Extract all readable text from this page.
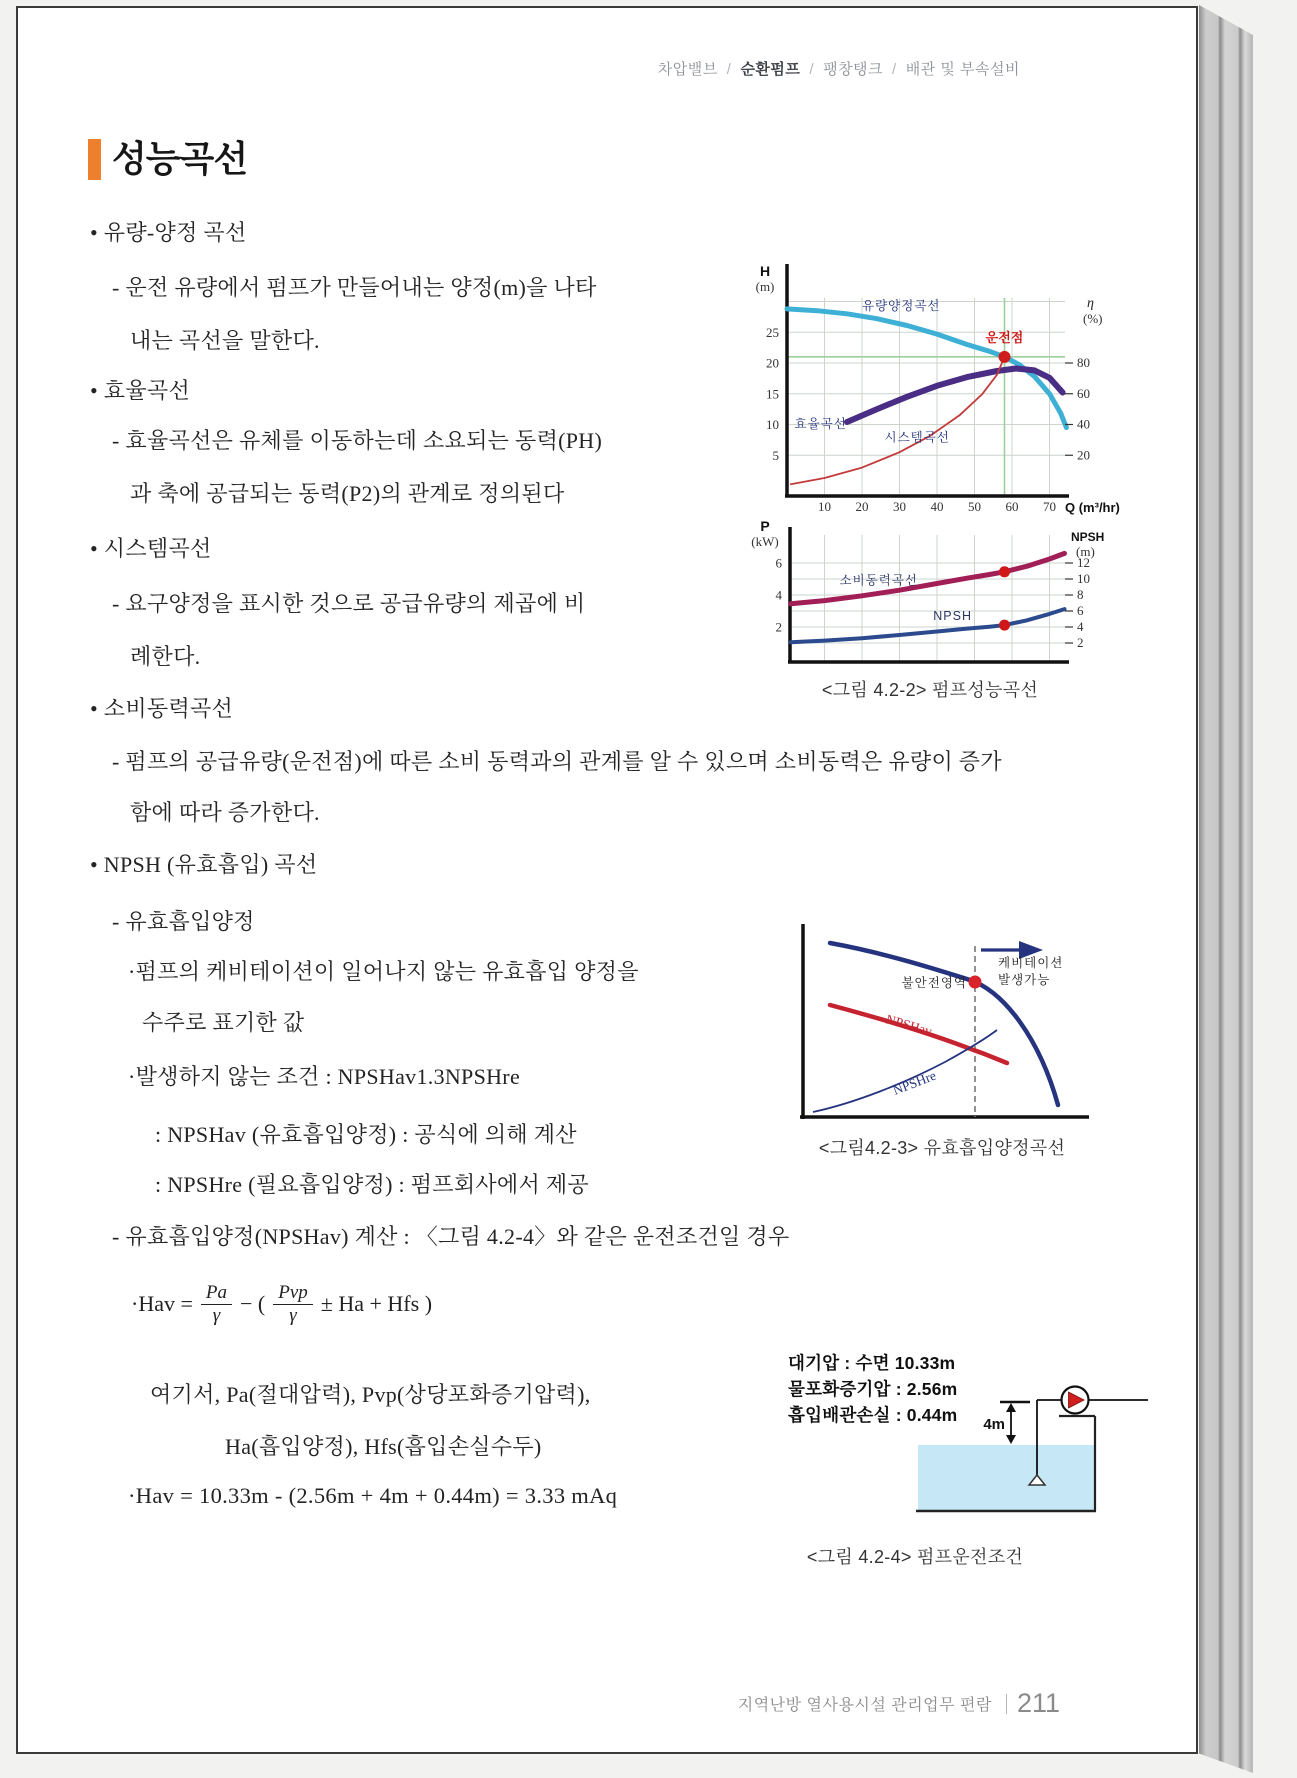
차압밸브 / 순환펌프 / 팽창탱크 / 배관 및 부속설비
성능곡선
• 유량-양정 곡선
- 운전 유량에서 펌프가 만들어내는 양정(m)을 나타
내는 곡선을 말한다.
• 효율곡선
- 효율곡선은 유체를 이동하는데 소요되는 동력(PH)
과 축에 공급되는 동력(P2)의 관계로 정의된다
• 시스템곡선
- 요구양정을 표시한 것으로 공급유량의 제곱에 비
례한다.
• 소비동력곡선
- 펌프의 공급유량(운전점)에 따른 소비 동력과의 관계를 알 수 있으며 소비동력은 유량이 증가
함에 따라 증가한다.
• NPSH (유효흡입) 곡선
- 유효흡입양정
·펌프의 케비테이션이 일어나지 않는 유효흡입 양정을
수주로 표기한 값
·발생하지 않는 조건 : NPSHav1.3NPSHre
: NPSHav (유효흡입양정) : 공식에 의해 계산
: NPSHre (필요흡입양정) : 펌프회사에서 제공
- 유효흡입양정(NPSHav) 계산 : 〈그림 4.2-4〉와 같은 운전조건일 경우
$\cdot Hav = \frac{Pa}{\gamma}$ − ( $\frac{\text{Pvp}}{\gamma} \pm Ha$ + Hfs )
여기서, Pa(절대압력), Pvp(상당포화증기압력),
Ha(흡입양정), Hfs(흡입손실수두)
·Hav = 10.33m - (2.56m + 4m + 0.44m) = 3.33 mAq
유량양정곡선
효율곡선
시스템곡선
운전점
5
10
15
20
25
10 20 30 40 50 60 70
20
40
60
80
H
(m)
η
(%)
Q (m³/hr)
소비동력곡선
NPSH
2
4
6
2
4
6
8
10
12
P
(kW)	NPSH
(m)
<그림 4.2-2> 펌프성능곡선
불안전영역
케비테이션
발생가능
NPSHav
NPSHre
<그림4.2-3> 유효흡입양정곡선
대기압 : 수면 10.33m
물포화증기압 : 2.56m
흡입배관손실 : 0.44m 4m
<그림 4.2-4> 펌프운전조건
지역난방 열사용시설 관리업무 편람 211
